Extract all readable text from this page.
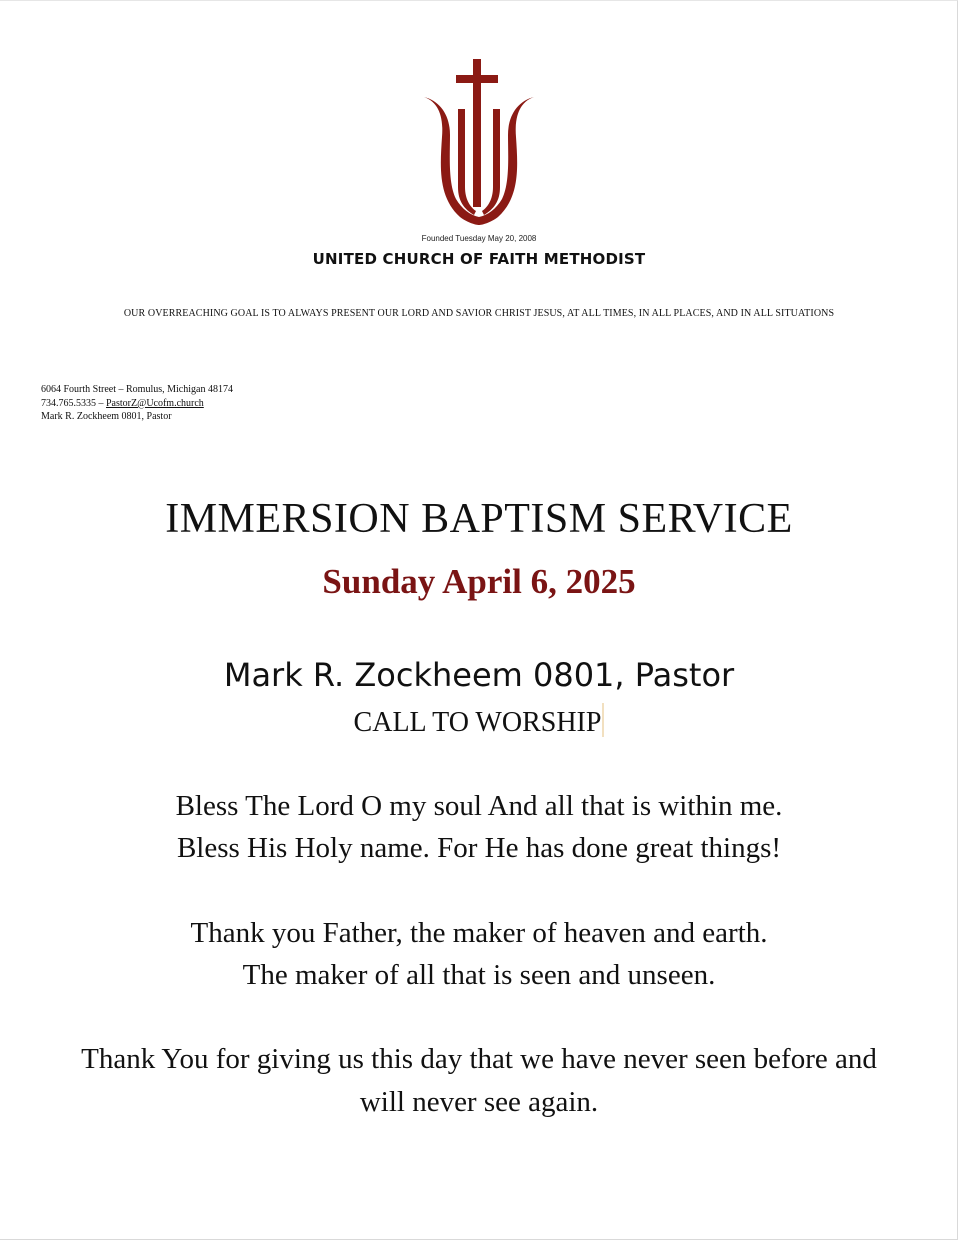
Founded Tuesday May 20, 2008
UNITED CHURCH OF FAITH METHODIST
OUR OVERREACHING GOAL IS TO ALWAYS PRESENT OUR LORD AND SAVIOR CHRIST JESUS, AT ALL TIMES, IN ALL PLACES, AND IN ALL SITUATIONS
6064 Fourth Street – Romulus, Michigan 48174
734.765.5335 – PastorZ@Ucofm.church
Mark R. Zockheem 0801, Pastor
IMMERSION BAPTISM SERVICE
Sunday April 6, 2025
Mark R. Zockheem 0801, Pastor
CALL TO WORSHIP
Bless The Lord O my soul And all that is within me.
Bless His Holy name. For He has done great things!
Thank you Father, the maker of heaven and earth.
The maker of all that is seen and unseen.
Thank You for giving us this day that we have never seen before and
will never see again.
